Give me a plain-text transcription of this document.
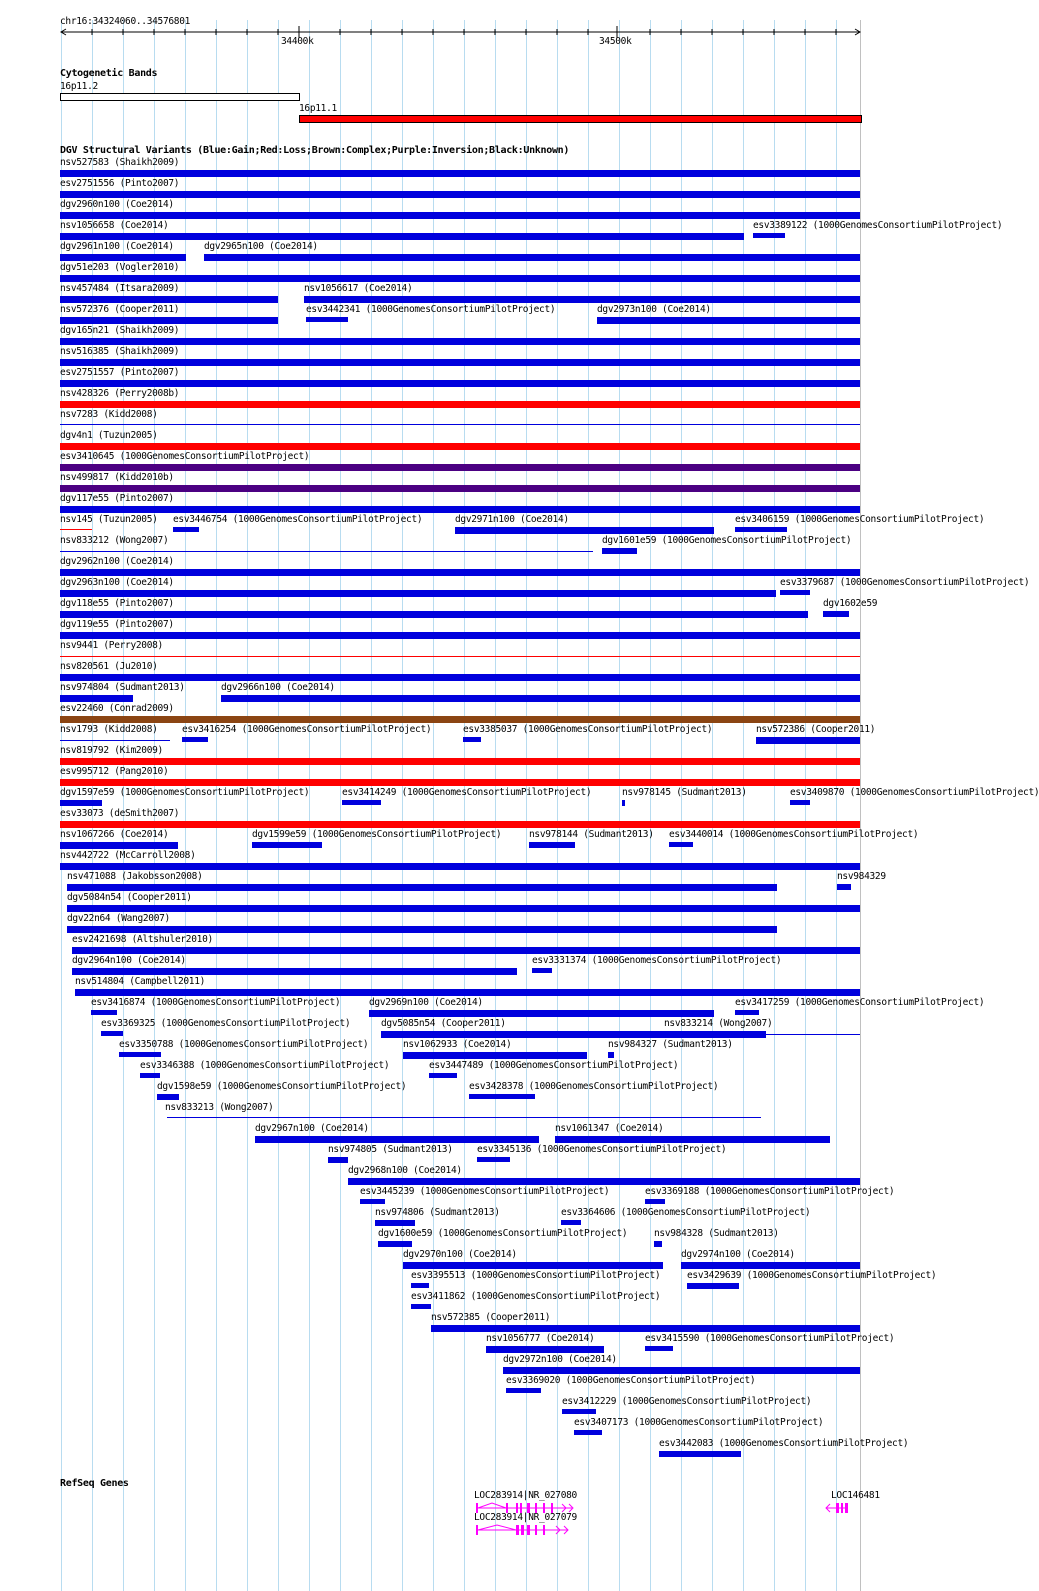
chr16:34324060..34576801
34400k	34500k
Cytogenetic Bands
16p11.2
16p11.1
DGV Structural Variants (Blue:Gain;Red:Loss;Brown:Complex;Purple:Inversion;Black:Unknown)
nsv527583 (Shaikh2009)
esv2751556 (Pinto2007)
dgv2960n100 (Coe2014)
nsv1056658 (Coe2014)	esv3389122 (1000GenomesConsortiumPilotProject)
dgv2961n100 (Coe2014)	dgv2965n100 (Coe2014)
dgv51e203 (Vogler2010)
nsv457484 (Itsara2009)	nsv1056617 (Coe2014)
nsv572376 (Cooper2011)	esv3442341 (1000GenomesConsortiumPilotProject)	dgv2973n100 (Coe2014)
dgv165n21 (Shaikh2009)
nsv516385 (Shaikh2009)
esv2751557 (Pinto2007)
nsv428326 (Perry2008b)
nsv7283 (Kidd2008)
dgv4n1 (Tuzun2005)
esv3410645 (1000GenomesConsortiumPilotProject)
nsv499817 (Kidd2010b)
dgv117e55 (Pinto2007)
nsv145 (Tuzun2005) esv3446754 (1000GenomesConsortiumPilotProject)	dgv2971n100 (Coe2014)	esv3406159 (1000GenomesConsortiumPilotProject)
nsv833212 (Wong2007)	dgv1601e59 (1000GenomesConsortiumPilotProject)
dgv2962n100 (Coe2014)
dgv2963n100 (Coe2014)	esv3379687 (1000GenomesConsortiumPilotProject)
dgv118e55 (Pinto2007)	dgv1602e59
dgv119e55 (Pinto2007)
nsv9441 (Perry2008)
nsv820561 (Ju2010)
nsv974804 (Sudmant2013)	dgv2966n100 (Coe2014)
esv22460 (Conrad2009)
nsv1793 (Kidd2008)	esv3416254 (1000GenomesConsortiumPilotProject)	esv3385037 (1000GenomesConsortiumPilotProject)	nsv572386 (Cooper2011)
nsv819792 (Kim2009)
esv995712 (Pang2010)
dgv1597e59 (1000GenomesConsortiumPilotProject)	esv3414249 (1000GenomesConsortiumPilotProject)	nsv978145 (Sudmant2013)	esv3409870 (1000GenomesConsortiumPilotProject)
esv33073 (deSmith2007)
nsv1067266 (Coe2014)	dgv1599e59 (1000GenomesConsortiumPilotProject)	nsv978144 (Sudmant2013) esv3440014 (1000GenomesConsortiumPilotProject)
nsv442722 (McCarroll2008)
nsv471088 (Jakobsson2008)	nsv984329
dgv5084n54 (Cooper2011)
dgv22n64 (Wang2007)
esv2421698 (Altshuler2010)
dgv2964n100 (Coe2014)	esv3331374 (1000GenomesConsortiumPilotProject)
nsv514804 (Campbell2011)
esv3416874 (1000GenomesConsortiumPilotProject)	dgv2969n100 (Coe2014)	esv3417259 (1000GenomesConsortiumPilotProject)
esv3369325 (1000GenomesConsortiumPilotProject)	dgv5085n54 (Cooper2011)	nsv833214 (Wong2007)
esv3350788 (1000GenomesConsortiumPilotProject)	nsv1062933 (Coe2014)	nsv984327 (Sudmant2013)
esv3346388 (1000GenomesConsortiumPilotProject)	esv3447489 (1000GenomesConsortiumPilotProject)
dgv1598e59 (1000GenomesConsortiumPilotProject)	esv3428378 (1000GenomesConsortiumPilotProject)
nsv833213 (Wong2007)
dgv2967n100 (Coe2014)	nsv1061347 (Coe2014)
nsv974805 (Sudmant2013)	esv3345136 (1000GenomesConsortiumPilotProject)
dgv2968n100 (Coe2014)
esv3445239 (1000GenomesConsortiumPilotProject)	esv3369188 (1000GenomesConsortiumPilotProject)
nsv974806 (Sudmant2013)	esv3364606 (1000GenomesConsortiumPilotProject)
dgv1600e59 (1000GenomesConsortiumPilotProject)	nsv984328 (Sudmant2013)
dgv2970n100 (Coe2014)	dgv2974n100 (Coe2014)
esv3395513 (1000GenomesConsortiumPilotProject)	esv3429639 (1000GenomesConsortiumPilotProject)
esv3411862 (1000GenomesConsortiumPilotProject)
nsv572385 (Cooper2011)
nsv1056777 (Coe2014)	esv3415590 (1000GenomesConsortiumPilotProject)
dgv2972n100 (Coe2014)
esv3369020 (1000GenomesConsortiumPilotProject)
esv3412229 (1000GenomesConsortiumPilotProject)
esv3407173 (1000GenomesConsortiumPilotProject)
esv3442083 (1000GenomesConsortiumPilotProject)
RefSeq Genes
LOC283914|NR_027080
LOC283914|NR_027079
LOC146481
